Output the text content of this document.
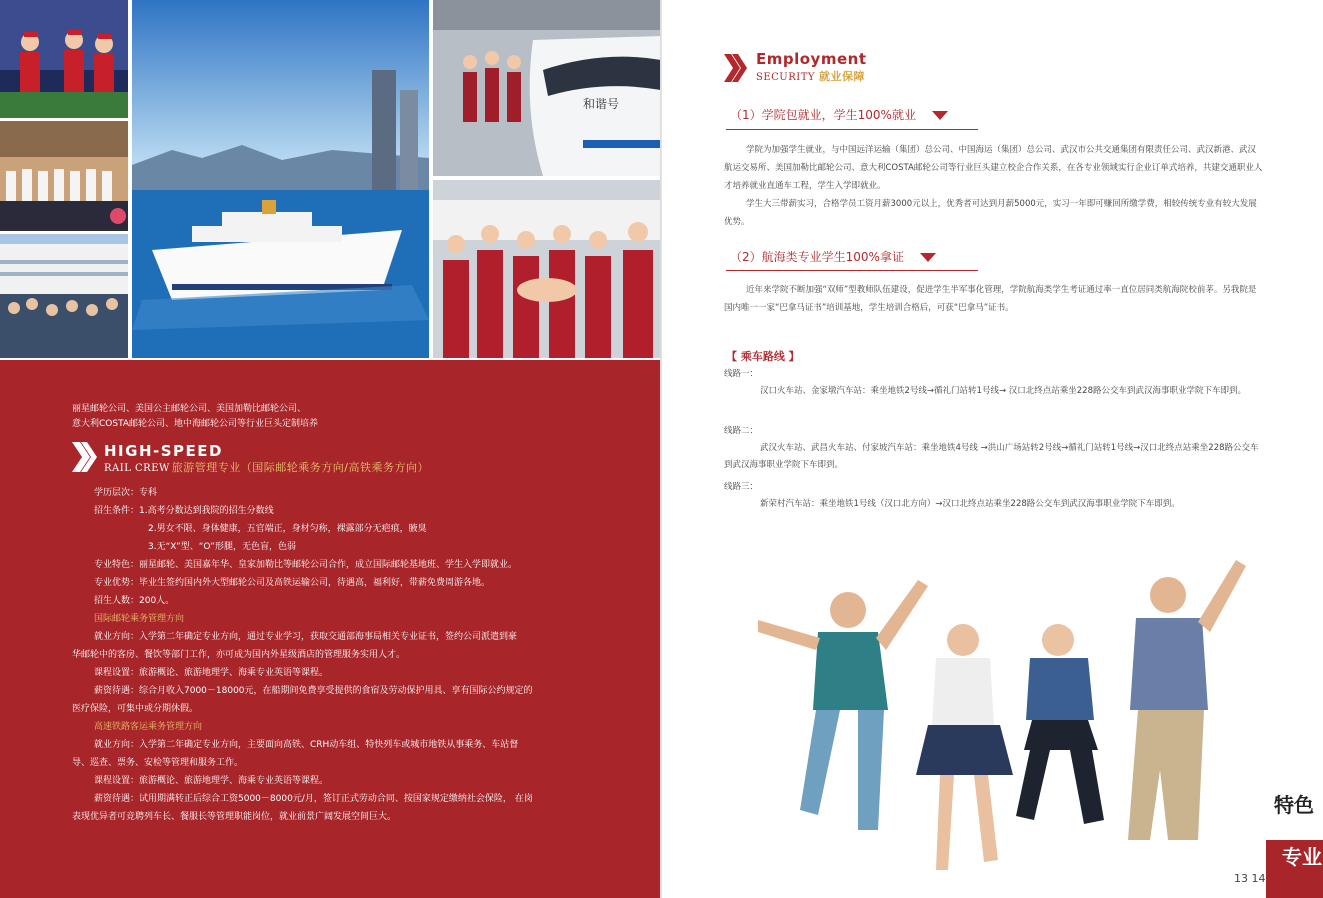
和谐号
丽星邮轮公司、美国公主邮轮公司、美国加勒比邮轮公司、
意大利COSTA邮轮公司、地中海邮轮公司等行业巨头定制培养
HIGH-SPEED
RAIL CREW 旅游管理专业（国际邮轮乘务方向/高铁乘务方向）
学历层次：专科
招生条件：1.高考分数达到我院的招生分数线
2.男女不限、身体健康，五官端正，身材匀称，裸露部分无疤痕，腋臭
3.无“X”型、“O”形腿，无色盲，色弱
专业特色：丽星邮轮、美国嘉年华、皇家加勒比等邮轮公司合作，成立国际邮轮基地班、学生入学即就业。
专业优势：毕业生签约国内外大型邮轮公司及高铁运输公司，待遇高，福利好，带薪免费周游各地。
招生人数：200人。
国际邮轮乘务管理方向
就业方向：入学第二年确定专业方向，通过专业学习，获取交通部海事局相关专业证书，签约公司派遣到豪
华邮轮中的客房、餐饮等部门工作，亦可成为国内外星级酒店的管理服务实用人才。
课程设置：旅游概论、旅游地理学、海乘专业英语等课程。
薪资待遇：综合月收入7000－18000元，在船期间免费享受提供的食宿及劳动保护用具、享有国际公约规定的
医疗保险，可集中或分期休假。
高速铁路客运乘务管理方向
就业方向：入学第二年确定专业方向，主要面向高铁、CRH动车组、特快列车或城市地铁从事乘务、车站督
导、巡查、票务、安检等管理和服务工作。
课程设置：旅游概论、旅游地理学、海乘专业英语等课程。
薪资待遇：试用期满转正后综合工资5000－8000元/月，签订正式劳动合同、按国家规定缴纳社会保险， 在岗
表现优异者可竞聘列车长、餐服长等管理职能岗位，就业前景广阔发展空间巨大。
Employment
SECURITY 就业保障
（1）学院包就业，学生100%就业
学院为加强学生就业，与中国远洋运输（集团）总公司、中国海运（集团）总公司、武汉市公共交通集团有限责任公司、武汉新港、武汉航运交易所、美国加勒比邮轮公司、意大利COSTA邮轮公司等行业巨头建立校企合作关系，在各专业领域实行企业订单式培养，共建交通职业人才培养就业直通车工程，学生入学即就业。
学生大三带薪实习，合格学员工资月薪3000元以上，优秀者可达到月薪5000元，实习一年即可赚回所缴学费，相较传统专业有较大发展优势。
（2）航海类专业学生100%拿证
近年来学院不断加强“双师”型教师队伍建设，促进学生半军事化管理，学院航海类学生考证通过率一直位居同类航海院校前茅。另我院是国内唯一一家“巴拿马证书”培训基地，学生培训合格后，可获“巴拿马”证书。
【 乘车路线 】
线路一：
汉口火车站、金家墩汽车站：乘坐地铁2号线→循礼门站转1号线→ 汉口北终点站乘坐228路公交车到武汉海事职业学院下车即到。
线路二：
武汉火车站、武昌火车站、付家坡汽车站：乘坐地铁4号线 →洪山广场站转2号线→循礼门站转1号线→汉口北终点站乘坐228路公交车到武汉海事职业学院下车即到。
线路三：
新荣村汽车站：乘坐地铁1号线（汉口北方向）→汉口北终点站乘坐228路公交车到武汉海事职业学院下车即到。
13 14
特色
专业
